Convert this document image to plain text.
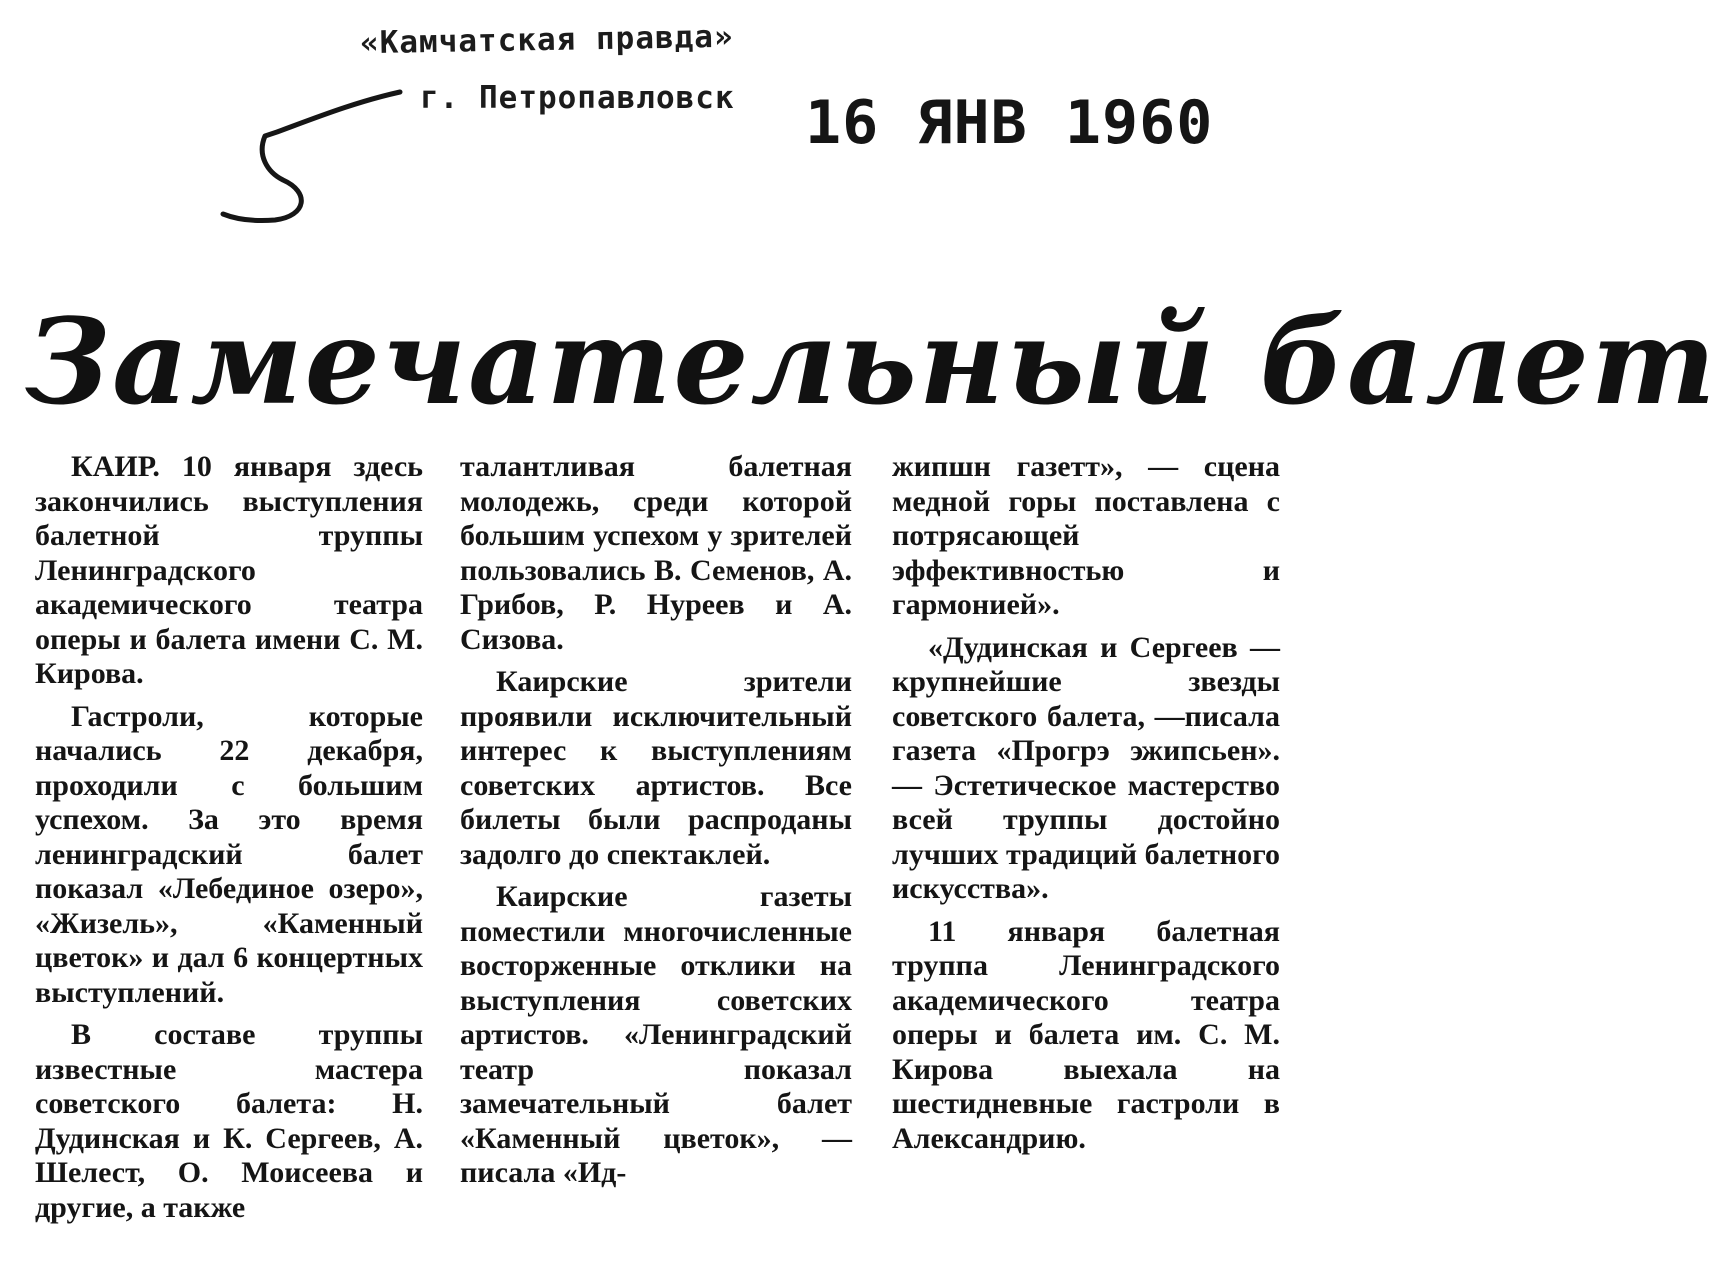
«Камчатская правда»
г. Петропавловск 16 ЯНВ 1960
Замечательный балет

КАИР. 10 января здесь закончились выступления балетной труппы Ленинградского академического театра оперы и балета имени С. М. Кирова.

Гастроли, которые начались 22 декабря, проходили с большим успехом. За это время ленинградский балет показал «Лебединое озеро», «Жизель», «Каменный цветок» и дал 6 концертных выступлений.

В составе труппы известные мастера советского балета: Н. Дудинская и К. Сергеев, А. Шелест, О. Моисеева и другие, а также

талантливая балетная молодежь, среди которой большим успехом у зрителей пользовались В. Семенов, А. Грибов, Р. Нуреев и А. Сизова.

Каирские зрители проявили исключительный интерес к выступлениям советских артистов. Все билеты были распроданы задолго до спектаклей.

Каирские газеты поместили многочисленные восторженные отклики на выступления советских артистов. «Ленинградский театр показал замечательный балет «Каменный цветок», — писала «Ид-

жипшн газетт», — сцена медной горы поставлена с потрясающей эффективностью и гармонией».

«Дудинская и Сергеев — крупнейшие звезды советского балета, —писала газета «Прогрэ эжипсьен». — Эстетическое мастерство всей труппы достойно лучших традиций балетного искусства».

11 января балетная труппа Ленинградского академического театра оперы и балета им. С. М. Кирова выехала на шестидневные гастроли в Александрию.
